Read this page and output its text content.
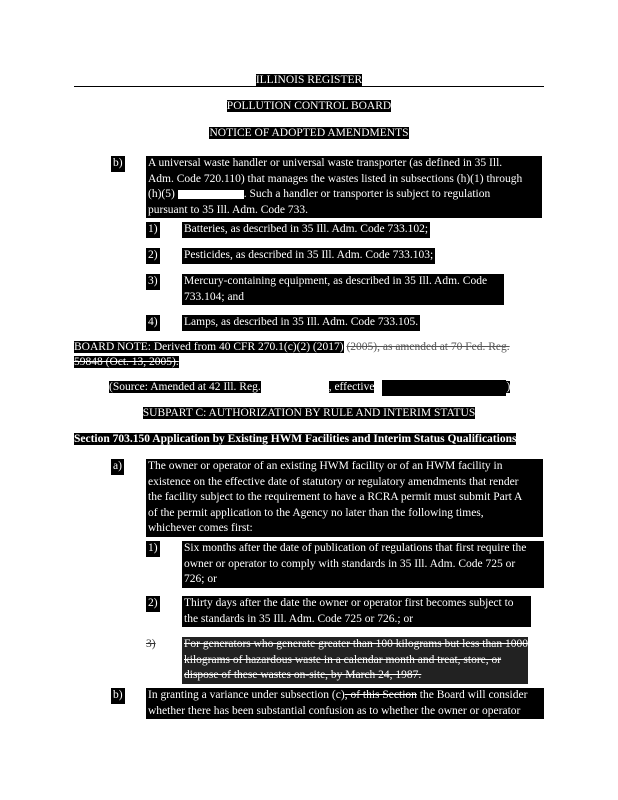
ILLINOIS REGISTER
POLLUTION CONTROL BOARD
NOTICE OF ADOPTED AMENDMENTS
b) A universal waste handler or universal waste transporter (as defined in 35 Ill.
Adm. Code 720.110) that manages the wastes listed in subsections (h)(1) through
(h)(5)	. Such a handler or transporter is subject to regulation
pursuant to 35 Ill. Adm. Code 733.
1) Batteries, as described in 35 Ill. Adm. Code 733.102;
2) Pesticides, as described in 35 Ill. Adm. Code 733.103;
3) Mercury-containing equipment, as described in 35 Ill. Adm. Code
733.104; and
4) Lamps, as described in 35 Ill. Adm. Code 733.105.
BOARD NOTE: Derived from 40 CFR 270.1(c)(2) (2017) (2005), as amended at 70 Fed. Reg.
59848 (Oct. 13, 2005).
(Source: Amended at 42 Ill. Reg.	, effective	)
SUBPART C: AUTHORIZATION BY RULE AND INTERIM STATUS
Section 703.150 Application by Existing HWM Facilities and Interim Status Qualifications
a) The owner or operator of an existing HWM facility or of an HWM facility in
existence on the effective date of statutory or regulatory amendments that render
the facility subject to the requirement to have a RCRA permit must submit Part A
of the permit application to the Agency no later than the following times,
whichever comes first:
1) Six months after the date of publication of regulations that first require the
owner or operator to comply with standards in 35 Ill. Adm. Code 725 or
726; or
2) Thirty days after the date the owner or operator first becomes subject to
the standards in 35 Ill. Adm. Code 725 or 726.; or
3) For generators who generate greater than 100 kilograms but less than 1000
kilograms of hazardous waste in a calendar month and treat, store, or
dispose of these wastes on-site, by March 24, 1987.
b) In granting a variance under subsection (c), of this Section the Board will consider
whether there has been substantial confusion as to whether the owner or operator
